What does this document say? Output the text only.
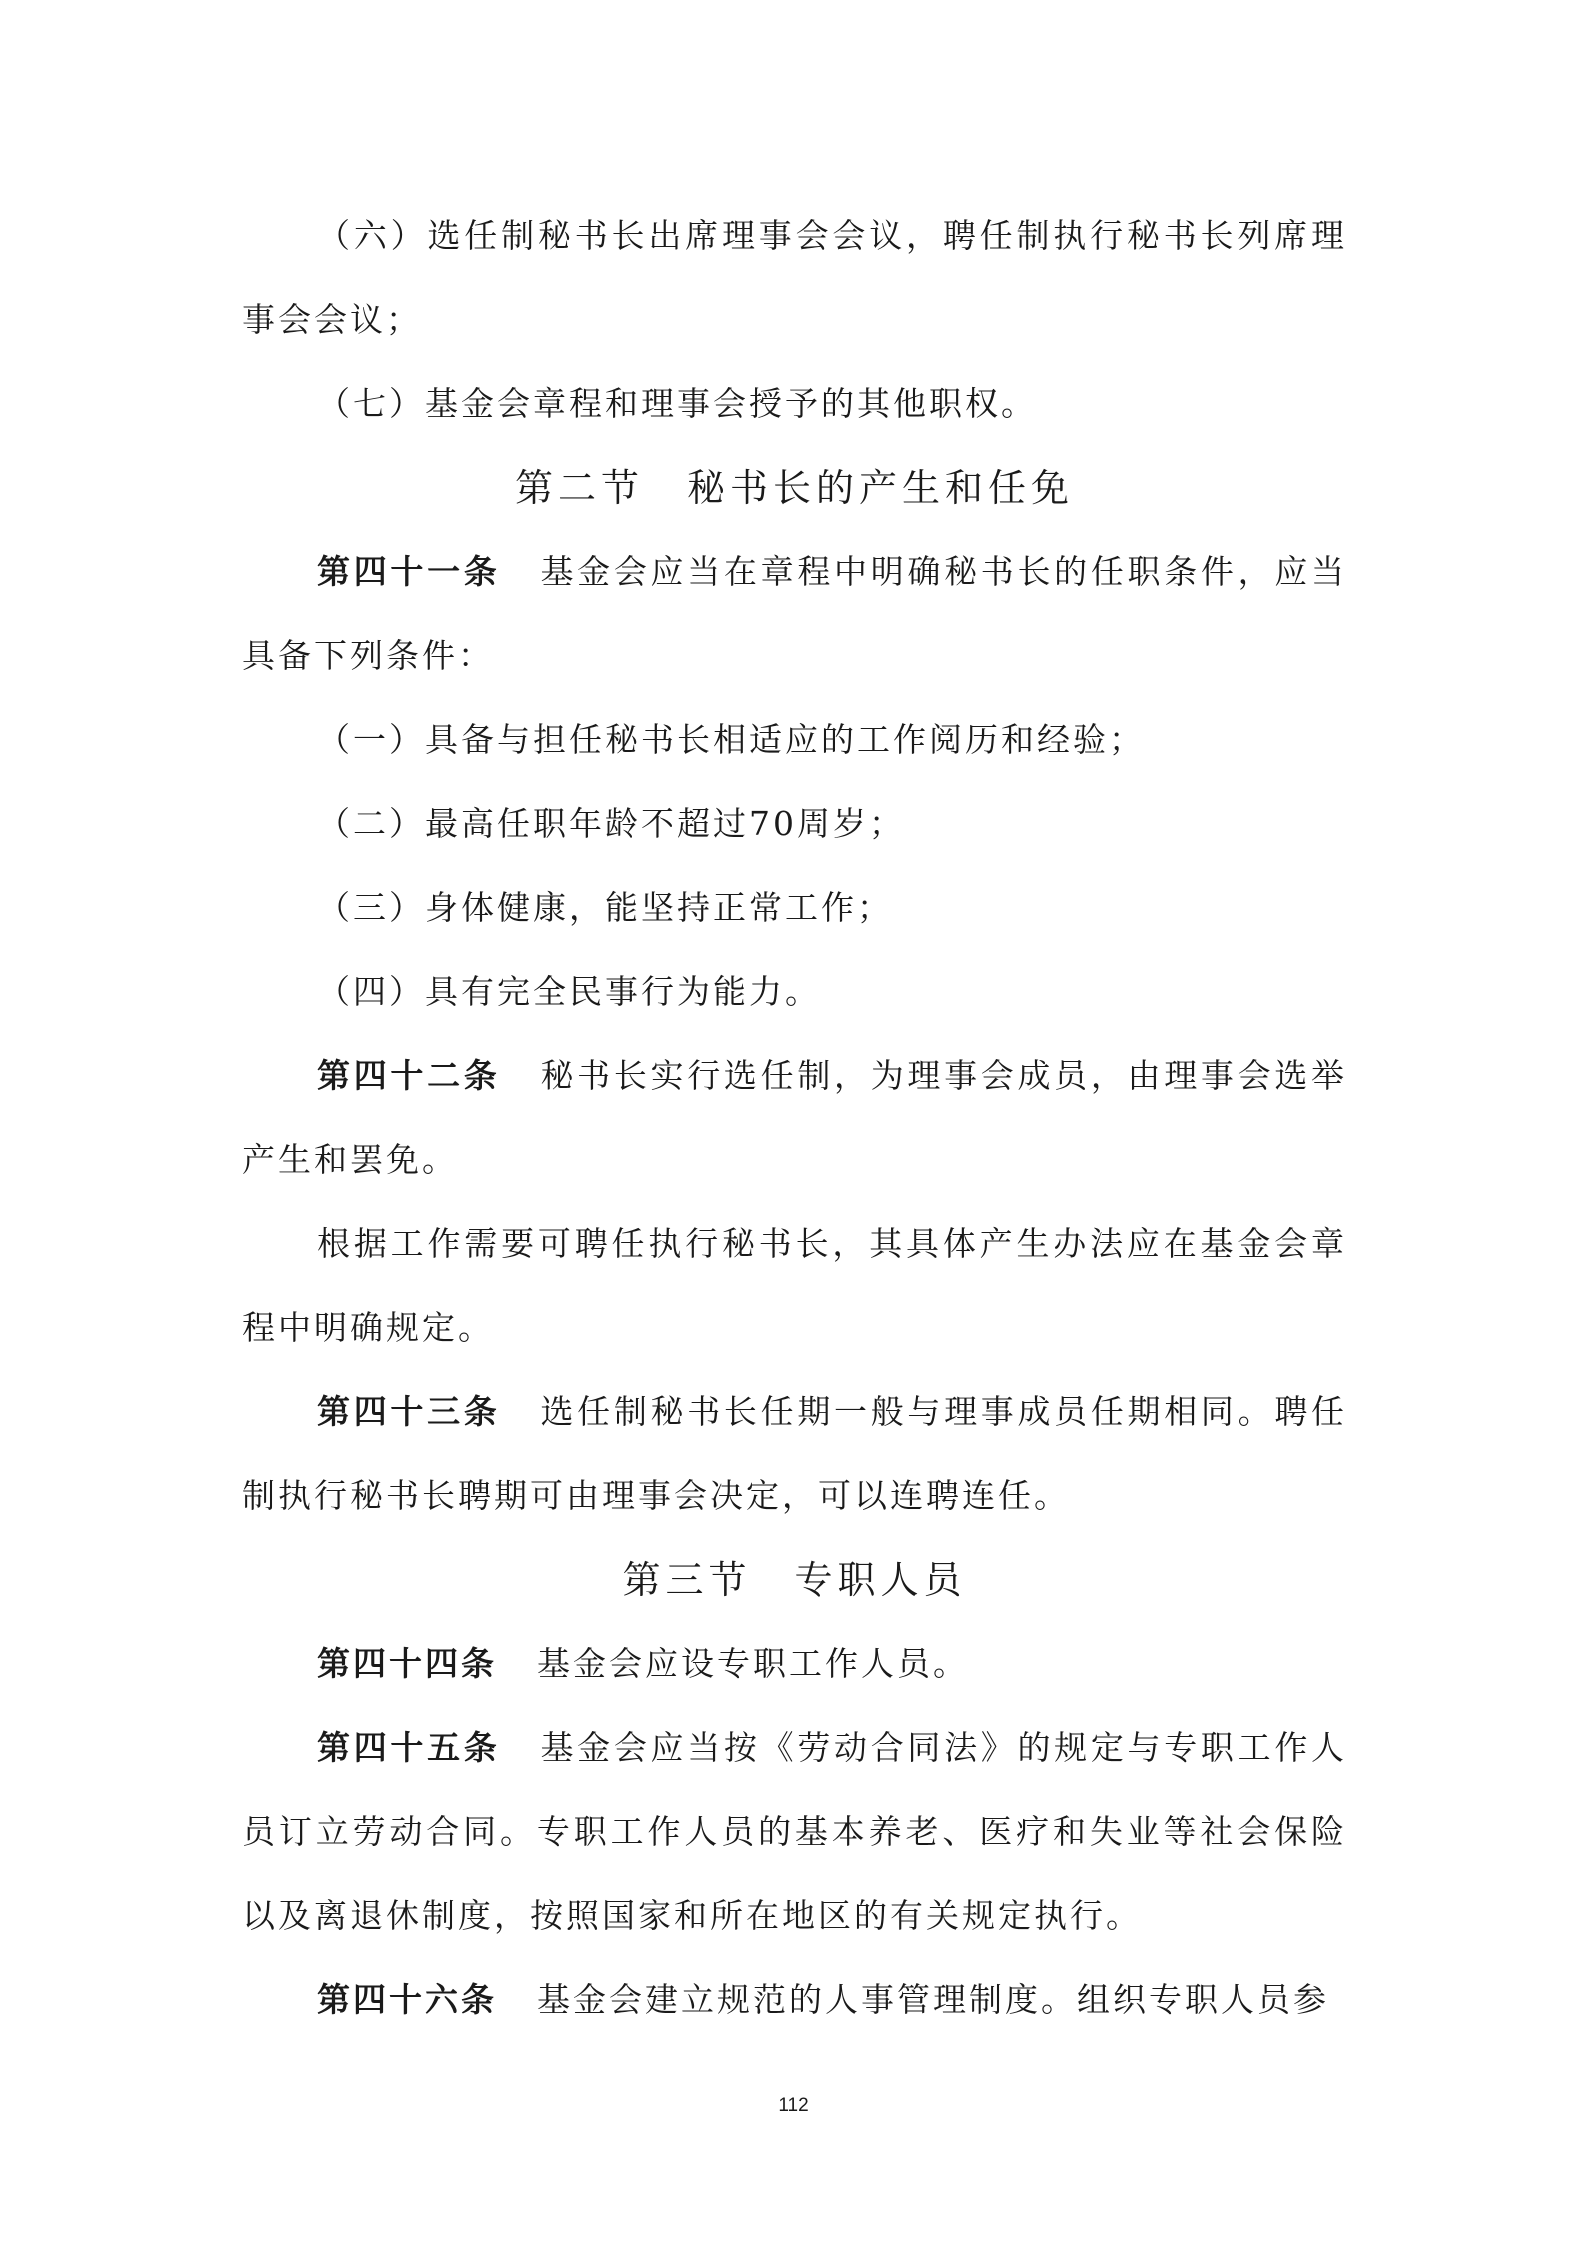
（六）选任制秘书长出席理事会会议，聘任制执行秘书长列席理事会会议；

（七）基金会章程和理事会授予的其他职权。

第二节　秘书长的产生和任免

第四十一条 基金会应当在章程中明确秘书长的任职条件，应当具备下列条件：

（一）具备与担任秘书长相适应的工作阅历和经验；

（二）最高任职年龄不超过70周岁；

（三）身体健康，能坚持正常工作；

（四）具有完全民事行为能力。

第四十二条 秘书长实行选任制，为理事会成员，由理事会选举产生和罢免。

根据工作需要可聘任执行秘书长，其具体产生办法应在基金会章程中明确规定。

第四十三条 选任制秘书长任期一般与理事成员任期相同。聘任制执行秘书长聘期可由理事会决定，可以连聘连任。

第三节　专职人员

第四十四条 基金会应设专职工作人员。

第四十五条 基金会应当按《劳动合同法》的规定与专职工作人员订立劳动合同。专职工作人员的基本养老、医疗和失业等社会保险以及离退休制度，按照国家和所在地区的有关规定执行。

第四十六条 基金会建立规范的人事管理制度。组织专职人员参

112
